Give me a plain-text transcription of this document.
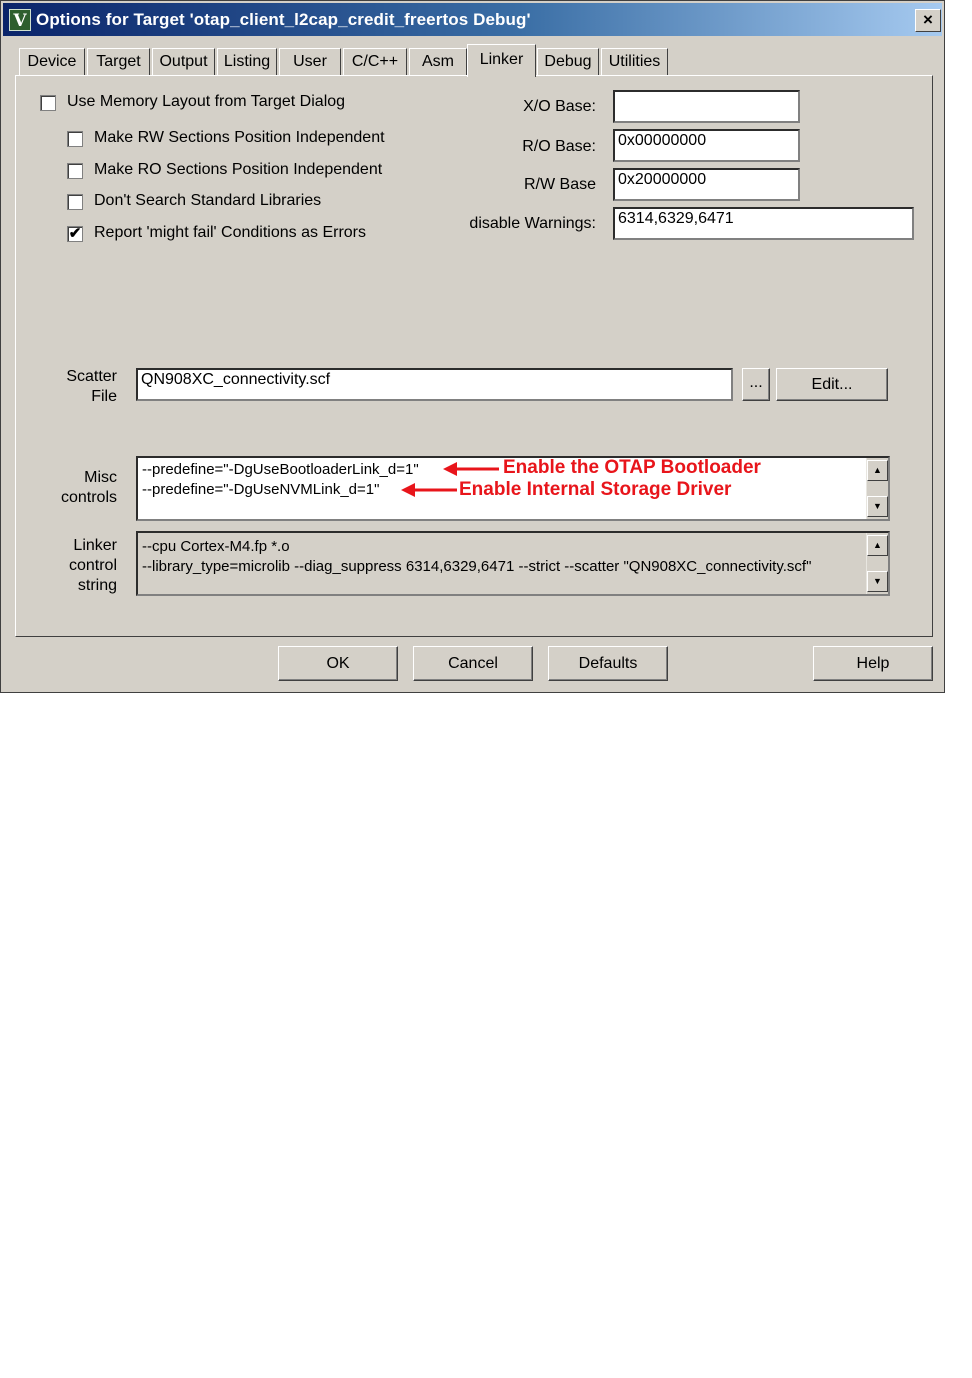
V Options for Target 'otap_client_l2cap_credit_freertos Debug'	×
Device	Target	Output	Listing	User	C/C++	Asm	Linker	Debug	Utilities
Use Memory Layout from Target Dialog
Make RW Sections Position Independent
Make RO Sections Position Independent
Don't Search Standard Libraries
✔ Report 'might fail' Conditions as Errors
X/O Base:
R/O Base:	0x00000000
R/W Base	0x20000000
disable Warnings:	6314,6329,6471
Scatter
File
QN908XC_connectivity.scf	...	Edit...
Misc
controls

--predefine="-DgUseBootloaderLink_d=1"

--predefine="-DgUseNVMLink_d=1"

▲

▼

Enable the OTAP Bootloader
Enable Internal Storage Driver
Linker
control
string

--cpu Cortex-M4.fp *.o

--library_type=microlib --diag_suppress 6314,6329,6471 --strict --scatter "QN908XC_connectivity.scf"

▲

▼

OK	Cancel	Defaults	Help
